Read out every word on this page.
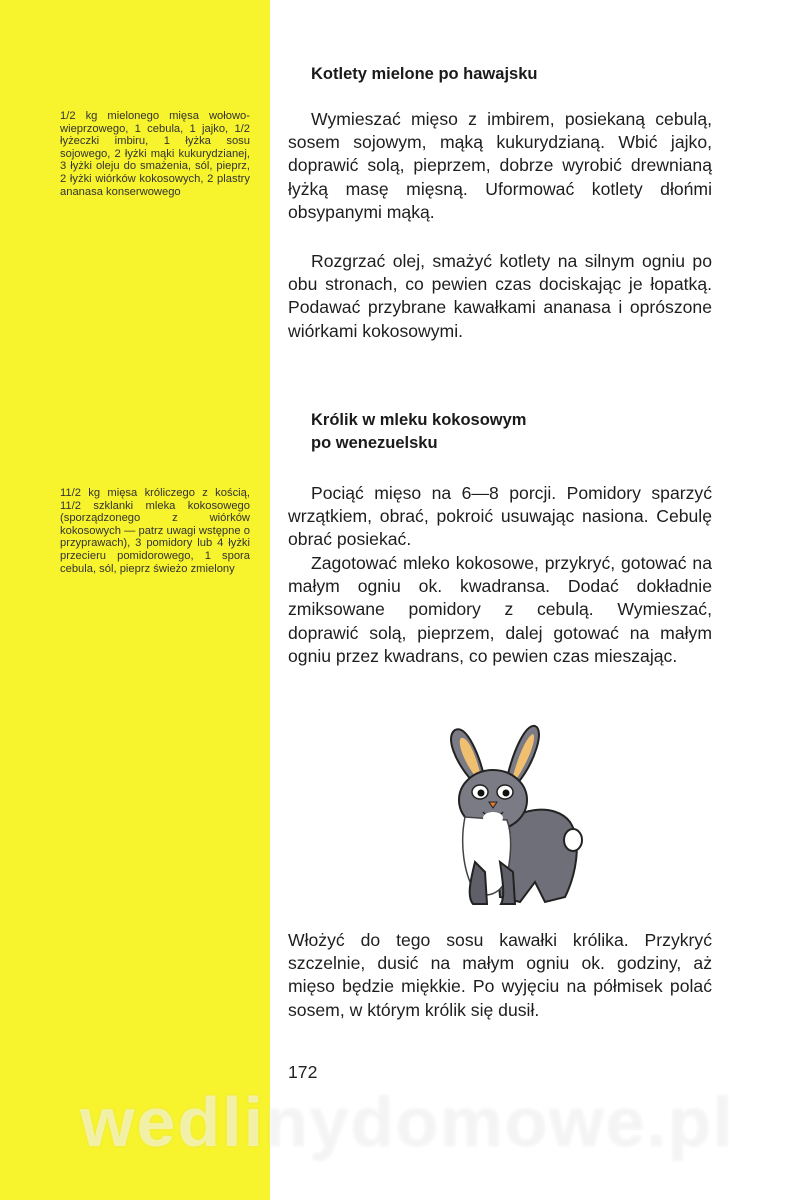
1/2 kg mielonego mięsa wołowo-wieprzowego, 1 cebula, 1 jajko, 1/2 łyżeczki imbiru, 1 łyżka sosu sojowego, 2 łyżki mąki kukurydzianej, 3 łyżki oleju do smażenia, sól, pieprz, 2 łyżki wiórków kokosowych, 2 plastry ananasa konserwowego
11/2 kg mięsa króliczego z kością, 11/2 szklanki mleka kokosowego (sporządzonego z wiórków kokosowych — patrz uwagi wstępne o przyprawach), 3 pomidory lub 4 łyżki przecieru pomidorowego, 1 spora cebula, sól, pieprz świeżo zmielony
Kotlety mielone po hawajsku

Wymieszać mięso z imbirem, posiekaną cebulą, sosem sojowym, mąką kukurydzianą. Wbić jajko, doprawić solą, pieprzem, dobrze wyrobić drewnianą łyżką masę mięsną. Uformować kotlety dłońmi obsypanymi mąką.

Rozgrzać olej, smażyć kotlety na silnym ogniu po obu stronach, co pewien czas dociskając je łopatką. Podawać przybrane kawałkami ananasa i oprószone wiórkami kokosowymi.

Królik w mleku kokosowym
po wenezuelsku

Pociąć mięso na 6—8 porcji. Pomidory sparzyć wrzątkiem, obrać, pokroić usuwając nasiona. Cebulę obrać posiekać.

Zagotować mleko kokosowe, przykryć, gotować na małym ogniu ok. kwadransa. Dodać dokładnie zmiksowane pomidory z cebulą. Wymieszać, doprawić solą, pieprzem, dalej gotować na małym ogniu przez kwadrans, co pewien czas mieszając.

Włożyć do tego sosu kawałki królika. Przykryć szczelnie, dusić na małym ogniu ok. godziny, aż mięso będzie miękkie. Po wyjęciu na półmisek polać sosem, w którym królik się dusił.

172
wedlinydomowe.pl
